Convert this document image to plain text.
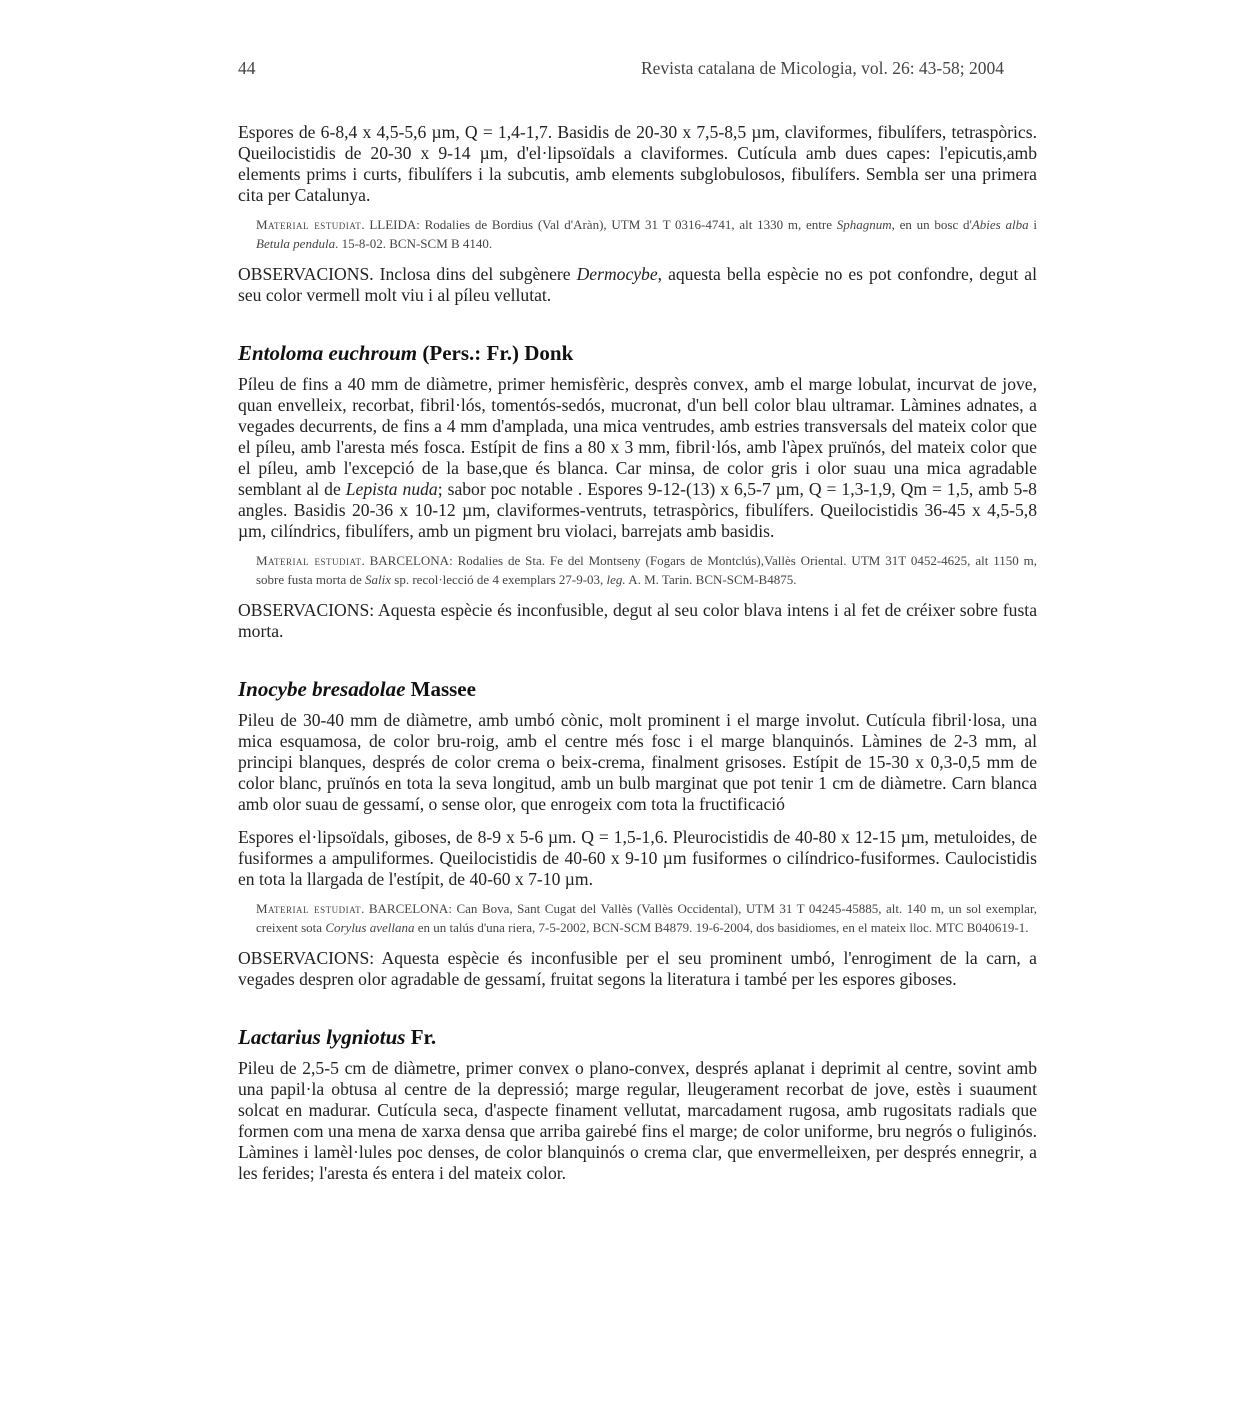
44	Revista catalana de Micologia, vol. 26: 43-58; 2004

Espores de 6-8,4 x 4,5-5,6 µm, Q = 1,4-1,7. Basidis de 20-30 x 7,5-8,5 µm, claviformes, fibulífers, tetraspòrics. Queilocistidis de 20-30 x 9-14 µm, d'el·lipsoïdals a claviformes. Cutícula amb dues capes: l'epicutis,amb elements prims i curts, fibulífers i la subcutis, amb elements subglobulosos, fibulífers. Sembla ser una primera cita per Catalunya.

Material estudiat. LLEIDA: Rodalies de Bordius (Val d'Aràn), UTM 31 T 0316-4741, alt 1330 m, entre Sphagnum, en un bosc d'Abies alba i Betula pendula. 15-8-02. BCN-SCM B 4140.

OBSERVACIONS. Inclosa dins del subgènere Dermocybe, aquesta bella espècie no es pot confondre, degut al seu color vermell molt viu i al píleu vellutat.

Entoloma euchroum (Pers.: Fr.) Donk

Píleu de fins a 40 mm de diàmetre, primer hemisfèric, desprès convex, amb el marge lobulat, incurvat de jove, quan envelleix, recorbat, fibril·lós, tomentós-sedós, mucronat, d'un bell color blau ultramar. Làmines adnates, a vegades decurrents, de fins a 4 mm d'amplada, una mica ventrudes, amb estries transversals del mateix color que el píleu, amb l'aresta més fosca. Estípit de fins a 80 x 3 mm, fibril·lós, amb l'àpex pruïnós, del mateix color que el píleu, amb l'excepció de la base,que és blanca. Car minsa, de color gris i olor suau una mica agradable semblant al de Lepista nuda; sabor poc notable . Espores 9-12-(13) x 6,5-7 µm, Q = 1,3-1,9, Qm = 1,5, amb 5-8 angles. Basidis 20-36 x 10-12 µm, claviformes-ventruts, tetraspòrics, fibulífers. Queilocistidis 36-45 x 4,5-5,8 µm, cilíndrics, fibulífers, amb un pigment bru violaci, barrejats amb basidis.

Material estudiat. BARCELONA: Rodalies de Sta. Fe del Montseny (Fogars de Montclús),Vallès Oriental. UTM 31T 0452-4625, alt 1150 m, sobre fusta morta de Salix sp. recol·lecció de 4 exemplars 27-9-03, leg. A. M. Tarin. BCN-SCM-B4875.

OBSERVACIONS: Aquesta espècie és inconfusible, degut al seu color blava intens i al fet de créixer sobre fusta morta.

Inocybe bresadolae Massee

Pileu de 30-40 mm de diàmetre, amb umbó cònic, molt prominent i el marge involut. Cutícula fibril·losa, una mica esquamosa, de color bru-roig, amb el centre més fosc i el marge blanquinós. Làmines de 2-3 mm, al principi blanques, després de color crema o beix-crema, finalment grisoses. Estípit de 15-30 x 0,3-0,5 mm de color blanc, pruïnós en tota la seva longitud, amb un bulb marginat que pot tenir 1 cm de diàmetre. Carn blanca amb olor suau de gessamí, o sense olor, que enrogeix com tota la fructificació

Espores el·lipsoïdals, giboses, de 8-9 x 5-6 µm. Q = 1,5-1,6. Pleurocistidis de 40-80 x 12-15 µm, metuloides, de fusiformes a ampuliformes. Queilocistidis de 40-60 x 9-10 µm fusiformes o cilíndrico-fusiformes. Caulocistidis en tota la llargada de l'estípit, de 40-60 x 7-10 µm.

Material estudiat. BARCELONA: Can Bova, Sant Cugat del Vallès (Vallès Occidental), UTM 31 T 04245-45885, alt. 140 m, un sol exemplar, creixent sota Corylus avellana en un talús d'una riera, 7-5-2002, BCN-SCM B4879. 19-6-2004, dos basidiomes, en el mateix lloc. MTC B040619-1.

OBSERVACIONS: Aquesta espècie és inconfusible per el seu prominent umbó, l'enrogiment de la carn, a vegades despren olor agradable de gessamí, fruitat segons la literatura i també per les espores giboses.

Lactarius lygniotus Fr.

Pileu de 2,5-5 cm de diàmetre, primer convex o plano-convex, després aplanat i deprimit al centre, sovint amb una papil·la obtusa al centre de la depressió; marge regular, lleugerament recorbat de jove, estès i suaument solcat en madurar. Cutícula seca, d'aspecte finament vellutat, marcadament rugosa, amb rugositats radials que formen com una mena de xarxa densa que arriba gairebé fins el marge; de color uniforme, bru negrós o fuliginós. Làmines i lamèl·lules poc denses, de color blanquinós o crema clar, que envermelleixen, per després ennegrir, a les ferides; l'aresta és entera i del mateix color.
